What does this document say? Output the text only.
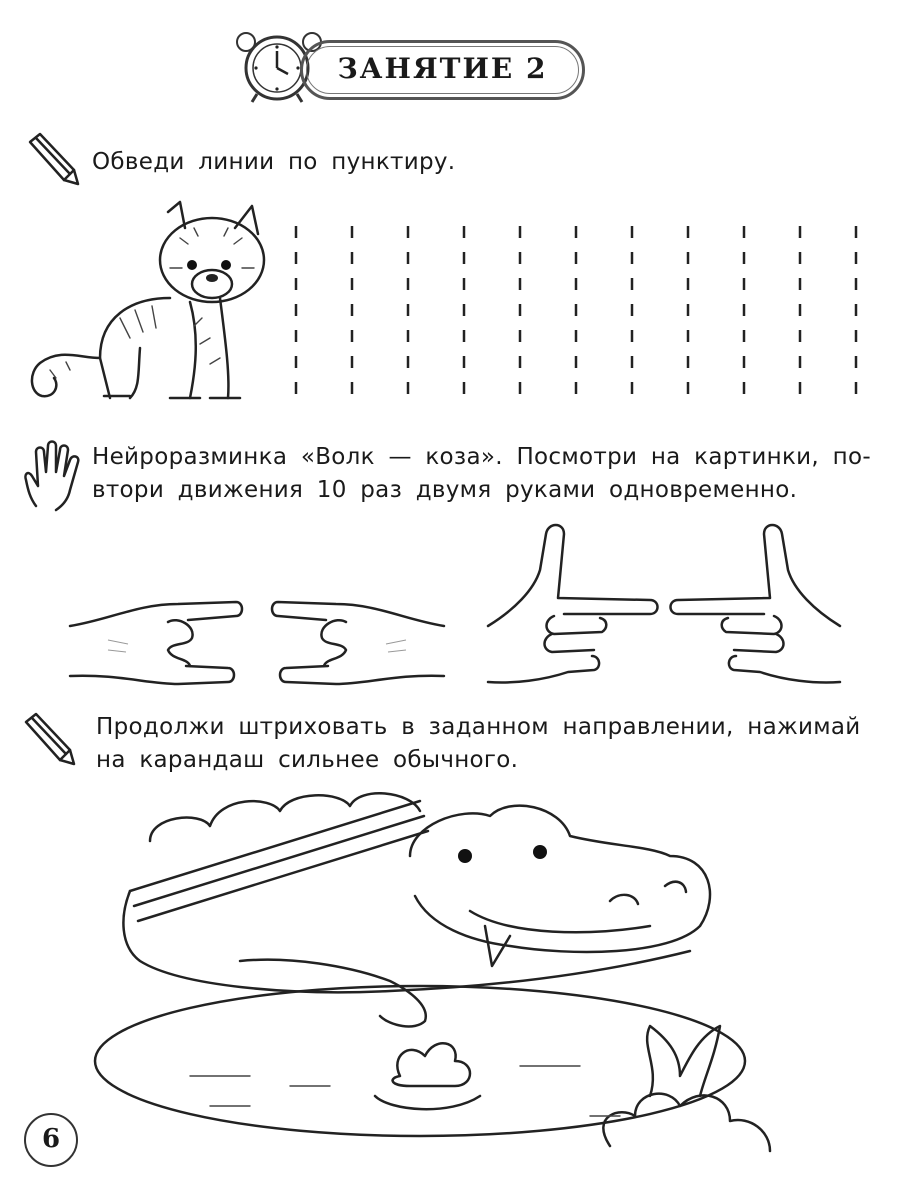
ЗАНЯТИЕ 2
Обведи линии по пунктиру.
Нейроразминка «Волк — коза». Посмотри на картинки, по-
втори движения 10 раз двумя руками одновременно.
Продолжи штриховать в заданном направлении, нажимай
на карандаш сильнее обычного.
6
